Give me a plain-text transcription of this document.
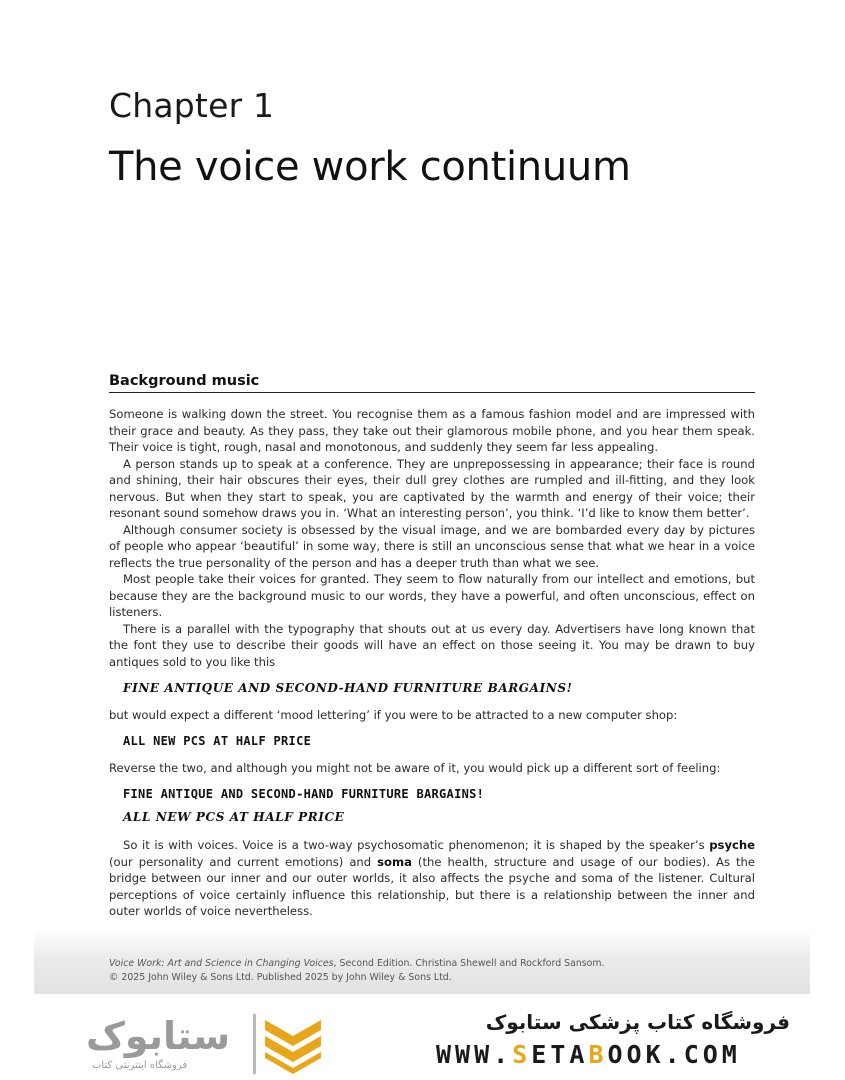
Chapter 1
The voice work continuum
Background music

Someone is walking down the street. You recognise them as a famous fashion model and are impressed with their grace and beauty. As they pass, they take out their glamorous mobile phone, and you hear them speak. Their voice is tight, rough, nasal and monotonous, and suddenly they seem far less appealing.

A person stands up to speak at a conference. They are unprepossessing in appearance; their face is round and shining, their hair obscures their eyes, their dull grey clothes are rumpled and ill-fitting, and they look nervous. But when they start to speak, you are captivated by the warmth and energy of their voice; their resonant sound somehow draws you in. ‘What an interesting person’, you think. ‘I’d like to know them better’.

Although consumer society is obsessed by the visual image, and we are bombarded every day by pictures of people who appear ‘beautiful’ in some way, there is still an unconscious sense that what we hear in a voice reflects the true personality of the person and has a deeper truth than what we see.

Most people take their voices for granted. They seem to flow naturally from our intellect and emotions, but because they are the background music to our words, they have a powerful, and often unconscious, effect on listeners.

There is a parallel with the typography that shouts out at us every day. Advertisers have long known that the font they use to describe their goods will have an effect on those seeing it. You may be drawn to buy antiques sold to you like this

FINE ANTIQUE AND SECOND-HAND FURNITURE BARGAINS!

but would expect a different ‘mood lettering’ if you were to be attracted to a new computer shop:

ALL NEW PCS AT HALF PRICE

Reverse the two, and although you might not be aware of it, you would pick up a different sort of feeling:

FINE ANTIQUE AND SECOND-HAND FURNITURE BARGAINS!
ALL NEW PCS AT HALF PRICE

So it is with voices. Voice is a two-way psychosomatic phenomenon; it is shaped by the speaker’s psyche (our personality and current emotions) and soma (the health, structure and usage of our bodies). As the bridge between our inner and our outer worlds, it also affects the psyche and soma of the listener. Cultural perceptions of voice certainly influence this relationship, but there is a relationship between the inner and outer worlds of voice nevertheless.

Voice Work: Art and Science in Changing Voices, Second Edition. Christina Shewell and Rockford Sansom.
© 2025 John Wiley & Sons Ltd. Published 2025 by John Wiley & Sons Ltd.
ستابوک
فروشگاه اینترنتی کتاب
فروشگاه کتاب پزشکی ستابوک
WWW.SETABOOK.COM
